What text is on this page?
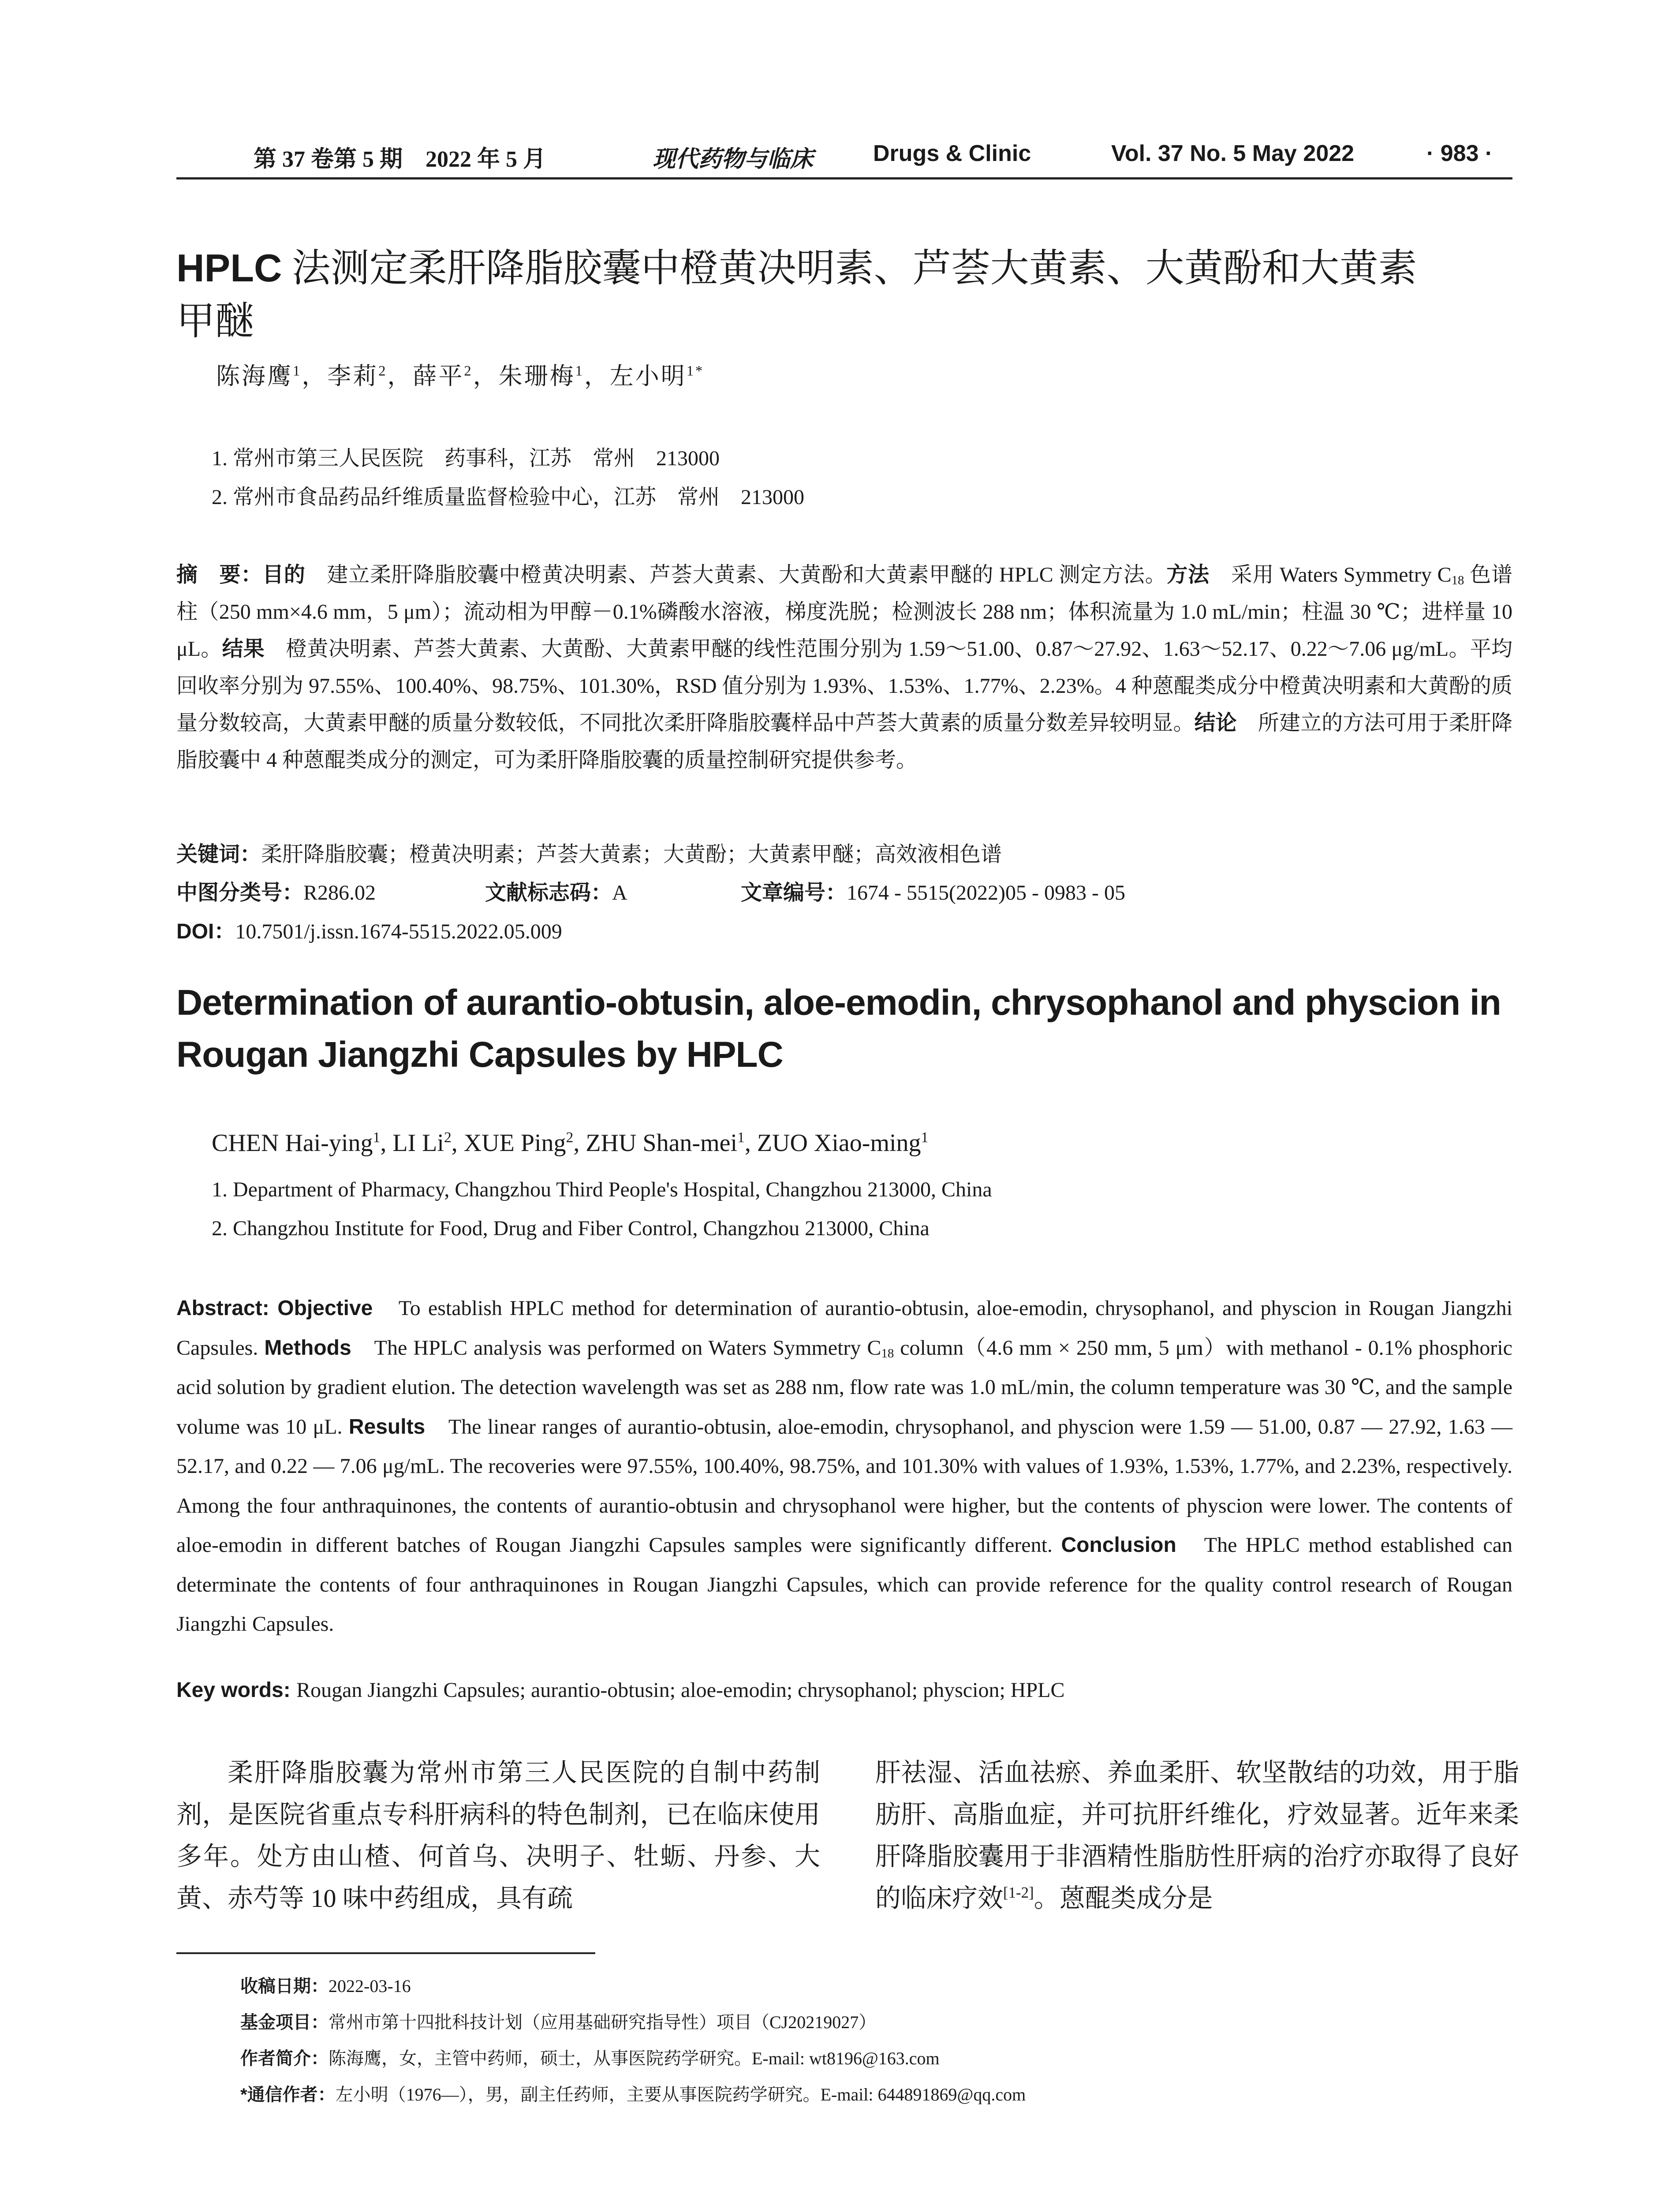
第 37 卷第 5 期　2022 年 5 月	现代药物与临床	Drugs & Clinic	Vol. 37 No. 5 May 2022	· 983 ·
HPLC 法测定柔肝降脂胶囊中橙黄决明素、芦荟大黄素、大黄酚和大黄素
甲醚
陈海鹰$^1$，李莉$^2$，薛平$^2$，朱珊梅$^1$，左小明$^{1*}$
1. 常州市第三人民医院　药事科，江苏　常州　213000
2. 常州市食品药品纤维质量监督检验中心，江苏　常州　213000
摘　要：目的　建立柔肝降脂胶囊中橙黄决明素、芦荟大黄素、大黄酚和大黄素甲醚的 HPLC 测定方法。方法　采用 Waters Symmetry $C_{18}$ 色谱柱（250 mm×4.6 mm，5 μm）；流动相为甲醇－0.1%磷酸水溶液，梯度洗脱；检测波长 288 nm；体积流量为 1.0 mL/min；柱温 30 ℃；进样量 10 μL。结果　橙黄决明素、芦荟大黄素、大黄酚、大黄素甲醚的线性范围分别为 1.59～51.00、0.87～27.92、1.63～52.17、0.22～7.06 μg/mL。平均回收率分别为 97.55%、100.40%、98.75%、101.30%，RSD 值分别为 1.93%、1.53%、1.77%、2.23%。4 种蒽醌类成分中橙黄决明素和大黄酚的质量分数较高，大黄素甲醚的质量分数较低，不同批次柔肝降脂胶囊样品中芦荟大黄素的质量分数差异较明显。结论　所建立的方法可用于柔肝降脂胶囊中 4 种蒽醌类成分的测定，可为柔肝降脂胶囊的质量控制研究提供参考。
关键词：柔肝降脂胶囊；橙黄决明素；芦荟大黄素；大黄酚；大黄素甲醚；高效液相色谱
中图分类号：R286.02	文献标志码：A	文章编号：1674 - 5515(2022)05 - 0983 - 05
DOI：10.7501/j.issn.1674-5515.2022.05.009
Determination of aurantio-obtusin, aloe-emodin, chrysophanol and physcion in
Rougan Jiangzhi Capsules by HPLC
CHEN Hai-ying$^1$, LI Li$^2$, XUE Ping$^2$, ZHU Shan-mei$^1$, ZUO Xiao-ming$^1$
1. Department of Pharmacy, Changzhou Third People's Hospital, Changzhou 213000, China
2. Changzhou Institute for Food, Drug and Fiber Control, Changzhou 213000, China
Abstract: Objective　To establish HPLC method for determination of aurantio-obtusin, aloe-emodin, chrysophanol, and physcion in Rougan Jiangzhi Capsules. Methods　The HPLC analysis was performed on Waters Symmetry $C_{18}$ column（4.6 mm × 250 mm, 5 μm）with methanol - 0.1% phosphoric acid solution by gradient elution. The detection wavelength was set as 288 nm, flow rate was 1.0 mL/min, the column temperature was 30 ℃, and the sample volume was 10 μL. Results　The linear ranges of aurantio-obtusin, aloe-emodin, chrysophanol, and physcion were 1.59 — 51.00, 0.87 — 27.92, 1.63 — 52.17, and 0.22 — 7.06 μg/mL. The recoveries were 97.55%, 100.40%, 98.75%, and 101.30% with values of 1.93%, 1.53%, 1.77%, and 2.23%, respectively. Among the four anthraquinones, the contents of aurantio-obtusin and chrysophanol were higher, but the contents of physcion were lower. The contents of aloe-emodin in different batches of Rougan Jiangzhi Capsules samples were significantly different. Conclusion　The HPLC method established can determinate the contents of four anthraquinones in Rougan Jiangzhi Capsules, which can provide reference for the quality control research of Rougan Jiangzhi Capsules.
Key words: Rougan Jiangzhi Capsules; aurantio-obtusin; aloe-emodin; chrysophanol; physcion; HPLC
柔肝降脂胶囊为常州市第三人民医院的自制中药制剂，是医院省重点专科肝病科的特色制剂，已在临床使用多年。处方由山楂、何首乌、决明子、牡蛎、丹参、大黄、赤芍等 10 味中药组成，具有疏
肝祛湿、活血祛瘀、养血柔肝、软坚散结的功效，用于脂肪肝、高脂血症，并可抗肝纤维化，疗效显著。近年来柔肝降脂胶囊用于非酒精性脂肪性肝病的治疗亦取得了良好的临床疗效[1-2]。蒽醌类成分是
收稿日期：2022-03-16
基金项目：常州市第十四批科技计划（应用基础研究指导性）项目（CJ20219027）
作者简介：陈海鹰，女，主管中药师，硕士，从事医院药学研究。E-mail: wt8196@163.com
*通信作者：左小明（1976—），男，副主任药师，主要从事医院药学研究。E-mail: 644891869@qq.com
